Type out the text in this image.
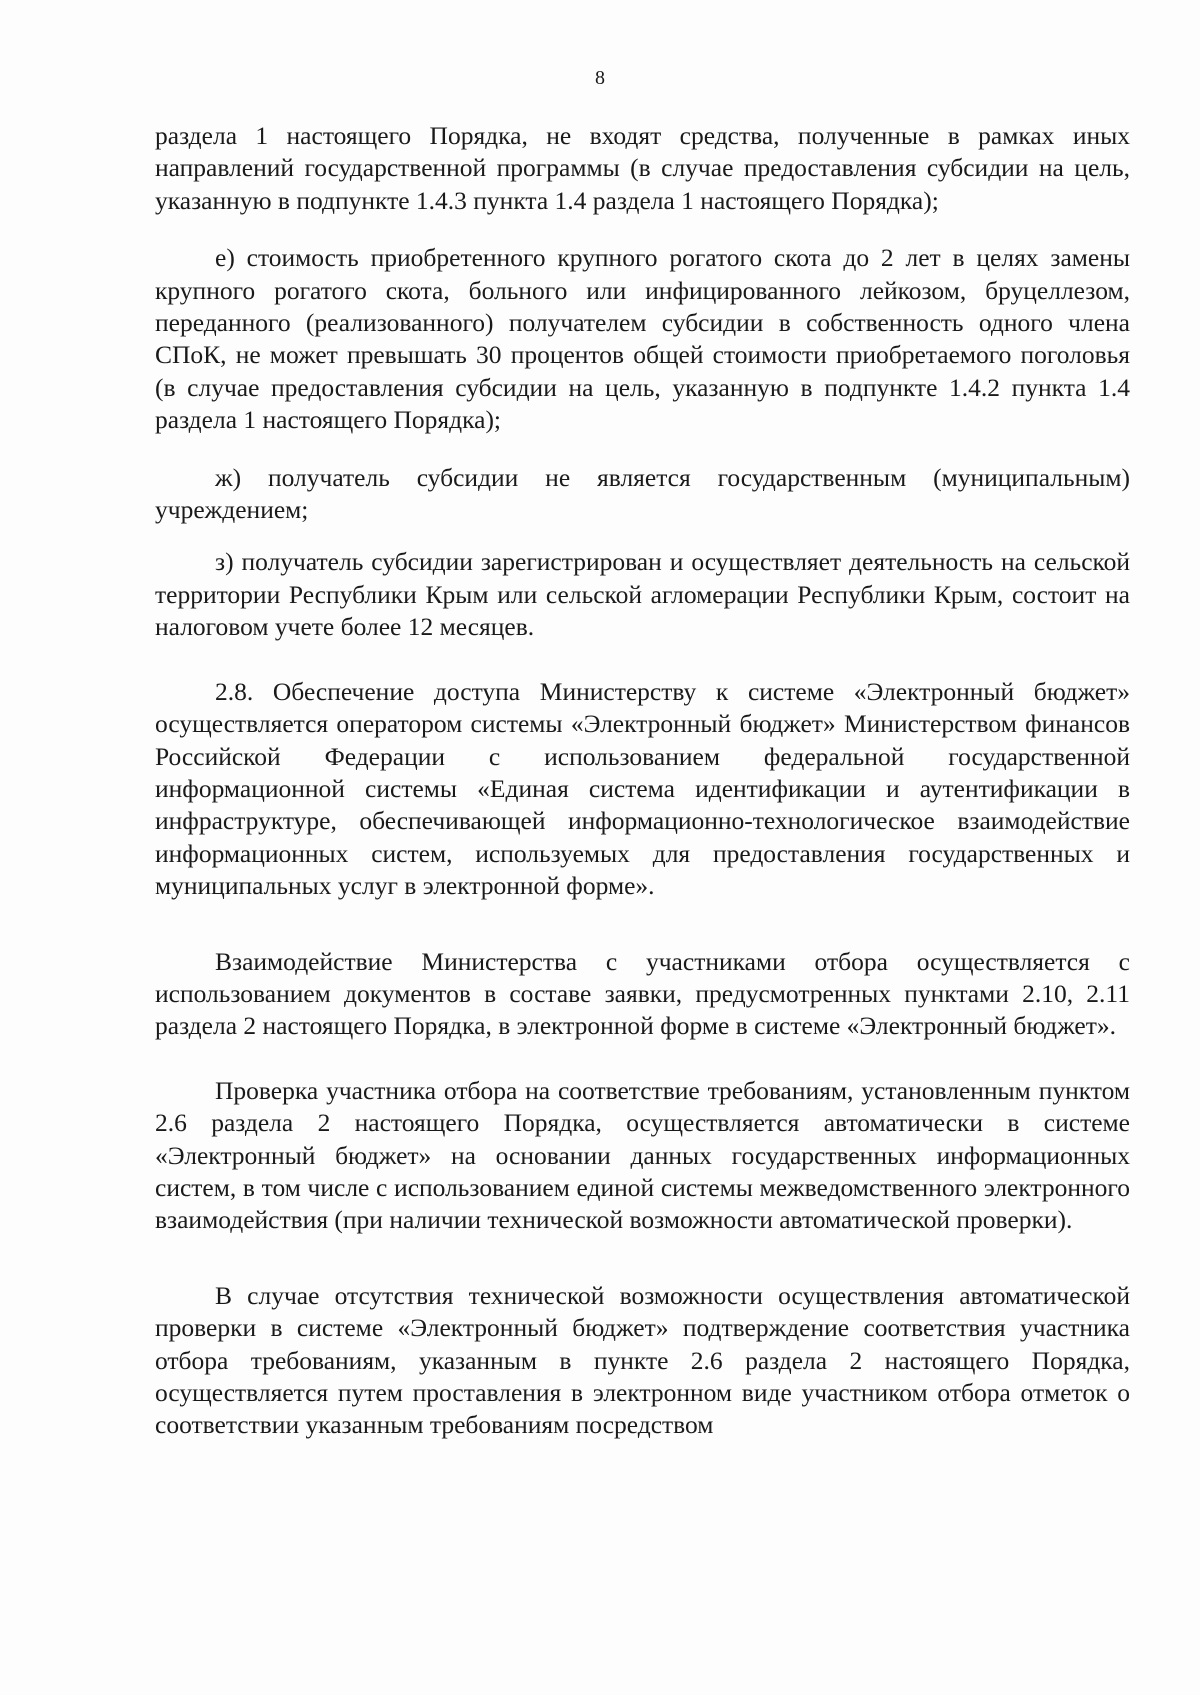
8

раздела 1 настоящего Порядка, не входят средства, полученные в рамках иных направлений государственной программы (в случае предоставления субсидии на цель, указанную в подпункте 1.4.3 пункта 1.4 раздела 1 настоящего Порядка);

е) стоимость приобретенного крупного рогатого скота до 2 лет в целях замены крупного рогатого скота, больного или инфицированного лейкозом, бруцеллезом, переданного (реализованного) получателем субсидии в собственность одного члена СПоК, не может превышать 30 процентов общей стоимости приобретаемого поголовья (в случае предоставления субсидии на цель, указанную в подпункте 1.4.2 пункта 1.4 раздела 1 настоящего Порядка);

ж) получатель субсидии не является государственным (муниципальным) учреждением;

з) получатель субсидии зарегистрирован и осуществляет деятельность на сельской территории Республики Крым или сельской агломерации Республики Крым, состоит на налоговом учете более 12 месяцев.

2.8. Обеспечение доступа Министерству к системе «Электронный бюджет» осуществляется оператором системы «Электронный бюджет» Министерством финансов Российской Федерации с использованием федеральной государственной информационной системы «Единая система идентификации и аутентификации в инфраструктуре, обеспечивающей информационно-технологическое взаимодействие информационных систем, используемых для предоставления государственных и муниципальных услуг в электронной форме».

Взаимодействие Министерства с участниками отбора осуществляется с использованием документов в составе заявки, предусмотренных пунктами 2.10, 2.11 раздела 2 настоящего Порядка, в электронной форме в системе «Электронный бюджет».

Проверка участника отбора на соответствие требованиям, установленным пунктом 2.6 раздела 2 настоящего Порядка, осуществляется автоматически в системе «Электронный бюджет» на основании данных государственных информационных систем, в том числе с использованием единой системы межведомственного электронного взаимодействия (при наличии технической возможности автоматической проверки).

В случае отсутствия технической возможности осуществления автоматической проверки в системе «Электронный бюджет» подтверждение соответствия участника отбора требованиям, указанным в пункте 2.6 раздела 2 настоящего Порядка, осуществляется путем проставления в электронном виде участником отбора отметок о соответствии указанным требованиям посредством
